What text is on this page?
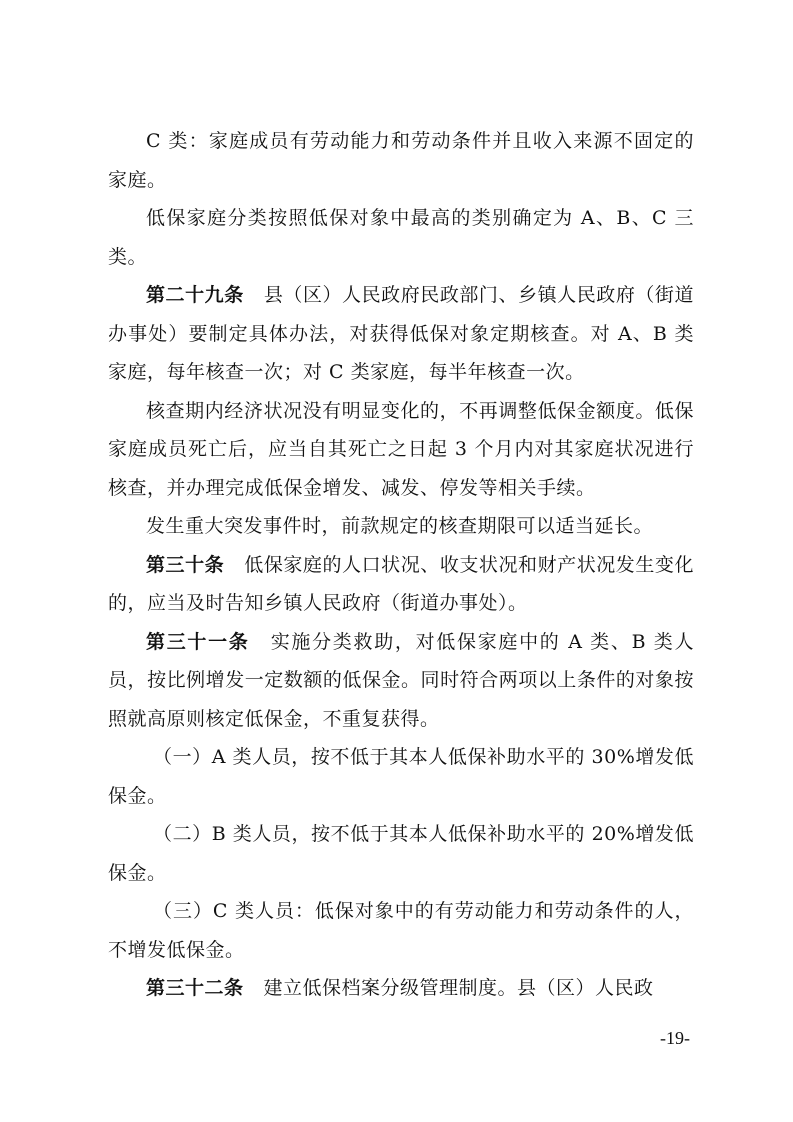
C 类：家庭成员有劳动能力和劳动条件并且收入来源不固定的家庭。

低保家庭分类按照低保对象中最高的类别确定为 A、B、C 三类。

第二十九条 县（区）人民政府民政部门、乡镇人民政府（街道办事处）要制定具体办法，对获得低保对象定期核查。对 A、B 类家庭，每年核查一次；对 C 类家庭，每半年核查一次。

核查期内经济状况没有明显变化的，不再调整低保金额度。低保家庭成员死亡后，应当自其死亡之日起 3 个月内对其家庭状况进行核查，并办理完成低保金增发、减发、停发等相关手续。

发生重大突发事件时，前款规定的核查期限可以适当延长。

第三十条 低保家庭的人口状况、收支状况和财产状况发生变化的，应当及时告知乡镇人民政府（街道办事处）。

第三十一条 实施分类救助，对低保家庭中的 A 类、B 类人员，按比例增发一定数额的低保金。同时符合两项以上条件的对象按照就高原则核定低保金，不重复获得。

（一）A 类人员，按不低于其本人低保补助水平的 30%增发低保金。

（二）B 类人员，按不低于其本人低保补助水平的 20%增发低保金。

（三）C 类人员：低保对象中的有劳动能力和劳动条件的人，不增发低保金。

第三十二条 建立低保档案分级管理制度。县（区）人民政

-19-
